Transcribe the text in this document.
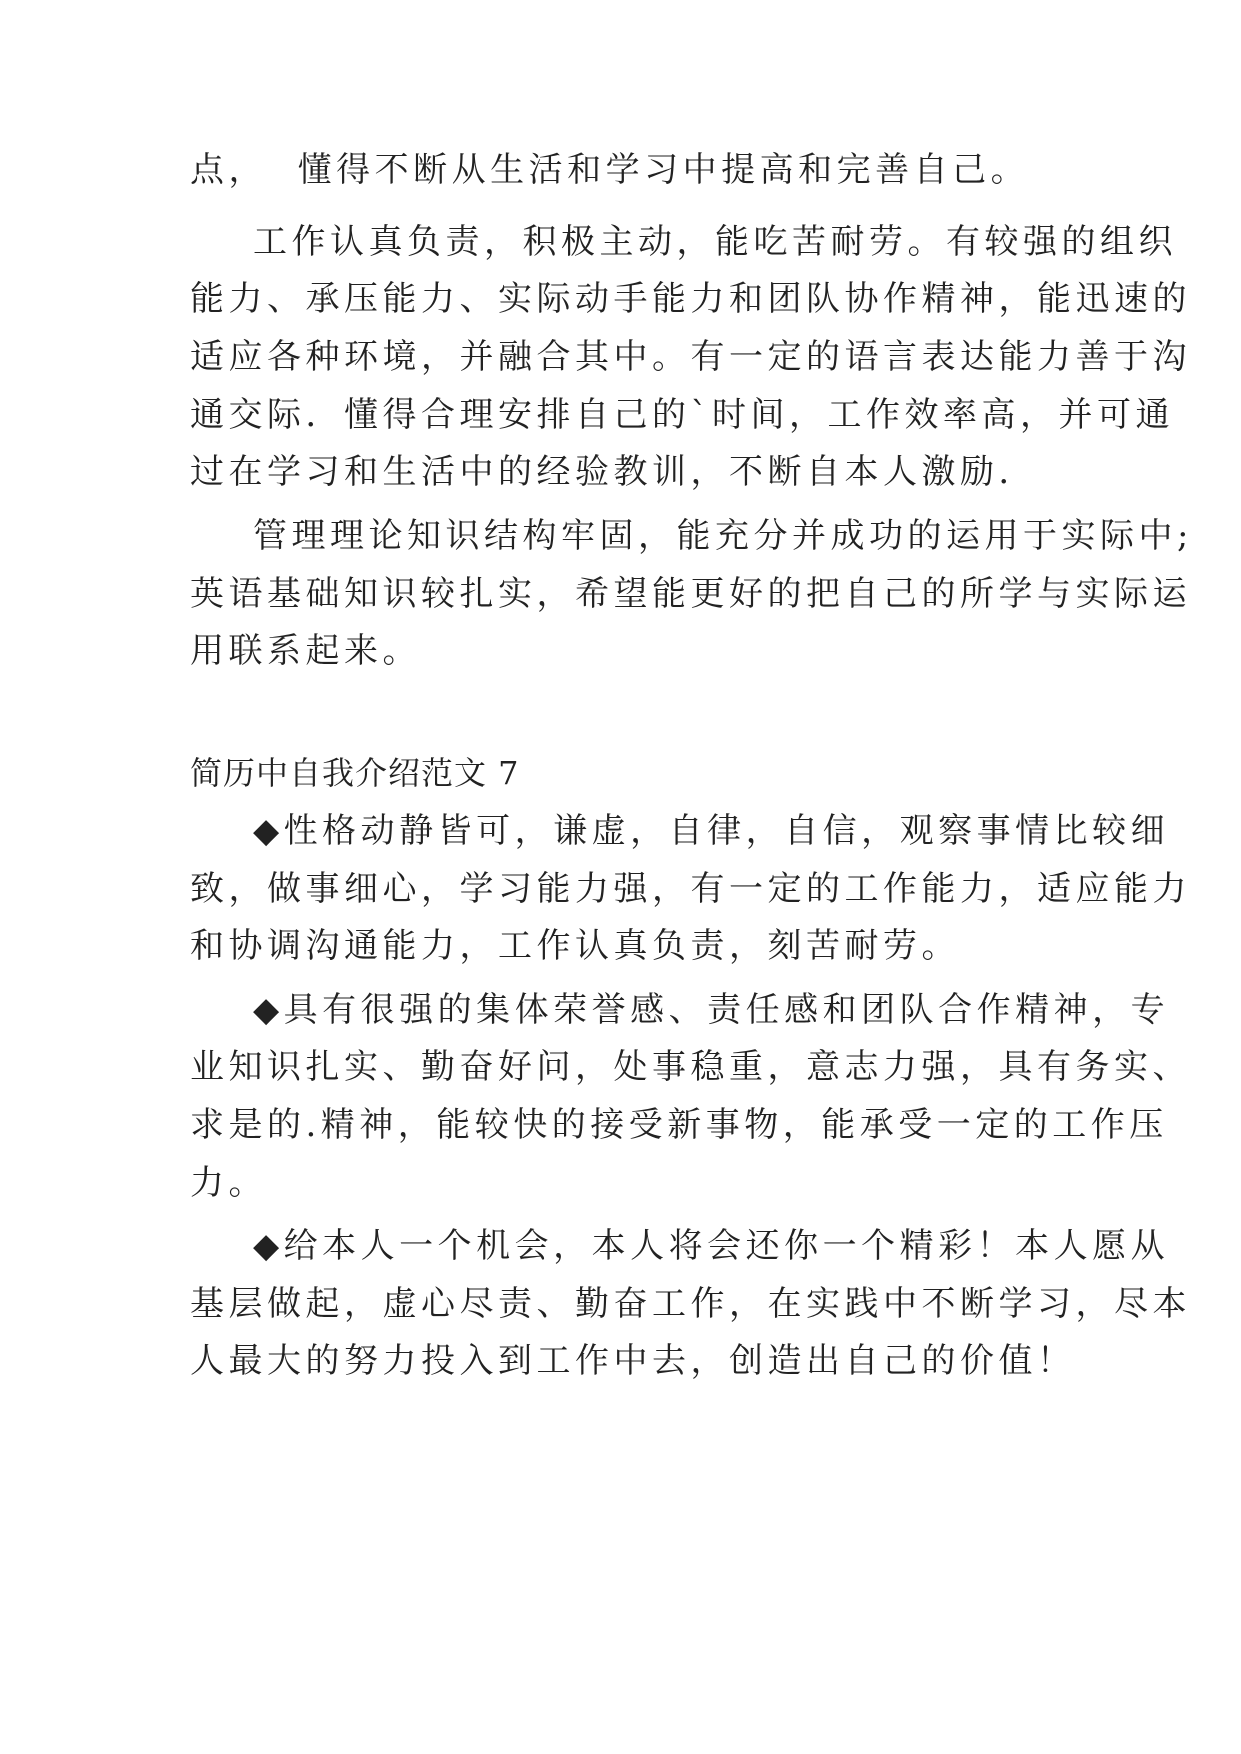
点，  懂得不断从生活和学习中提高和完善自己。

工作认真负责，积极主动，能吃苦耐劳。有较强的组织

能力、承压能力、实际动手能力和团队协作精神，能迅速的

适应各种环境，并融合其中。有一定的语言表达能力善于沟

通交际．懂得合理安排自己的`时间，工作效率高，并可通

过在学习和生活中的经验教训，不断自本人激励．

管理理论知识结构牢固，能充分并成功的运用于实际中;

英语基础知识较扎实，希望能更好的把自己的所学与实际运

用联系起来。

简历中自我介绍范文 7

◆性格动静皆可，谦虚，自律，自信，观察事情比较细

致，做事细心，学习能力强，有一定的工作能力，适应能力

和协调沟通能力，工作认真负责，刻苦耐劳。

◆具有很强的集体荣誉感、责任感和团队合作精神，专

业知识扎实、勤奋好问，处事稳重，意志力强，具有务实、

求是的.精神，能较快的接受新事物，能承受一定的工作压

力。

◆给本人一个机会，本人将会还你一个精彩！本人愿从

基层做起，虚心尽责、勤奋工作，在实践中不断学习，尽本

人最大的努力投入到工作中去，创造出自己的价值！
